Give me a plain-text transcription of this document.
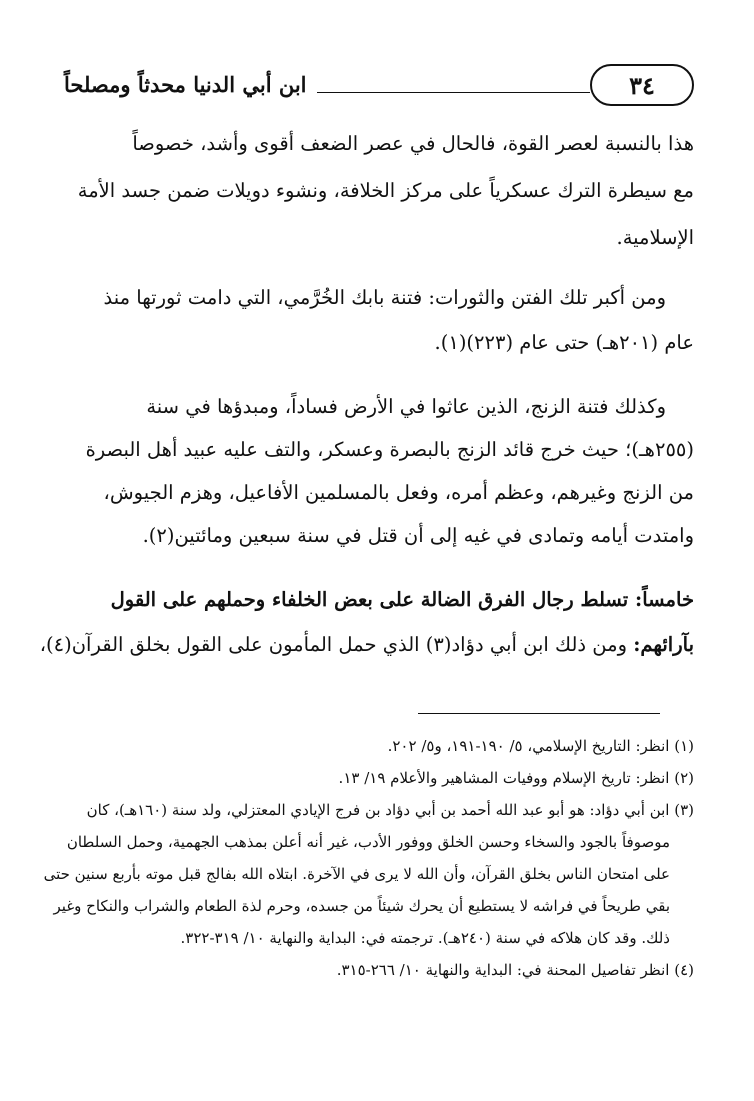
٣٤
ابن أبي الدنيا محدثاً ومصلحاً
هذا بالنسبة لعصر القوة، فالحال في عصر الضعف أقوى وأشد، خصوصاً
مع سيطرة الترك عسكرياً على مركز الخلافة، ونشوء دويلات ضمن جسد الأمة
الإسلامية.
ومن أكبر تلك الفتن والثورات: فتنة بابك الخُرَّمي، التي دامت ثورتها منذ
عام (٢٠١هـ) حتى عام (٢٢٣)(١).
وكذلك فتنة الزنج، الذين عاثوا في الأرض فساداً، ومبدؤها في سنة
(٢٥٥هـ)؛ حيث خرج قائد الزنج بالبصرة وعسكر، والتف عليه عبيد أهل البصرة
من الزنج وغيرهم، وعظم أمره، وفعل بالمسلمين الأفاعيل، وهزم الجيوش،
وامتدت أيامه وتمادى في غيه إلى أن قتل في سنة سبعين ومائتين(٢).
خامساً: تسلط رجال الفرق الضالة على بعض الخلفاء وحملهم على القول
بآرائهم: ومن ذلك ابن أبي دؤاد(٣) الذي حمل المأمون على القول بخلق القرآن(٤)،
(١) انظر: التاريخ الإسلامي، ٥/ ١٩٠-١٩١، و٥/ ٢٠٢.
(٢) انظر: تاريخ الإسلام ووفيات المشاهير والأعلام ١٩/ ١٣.
(٣) ابن أبي دؤاد: هو أبو عبد الله أحمد بن أبي دؤاد بن فرج الإيادي المعتزلي، ولد سنة (١٦٠هـ)، كان
موصوفاً بالجود والسخاء وحسن الخلق ووفور الأدب، غير أنه أعلن بمذهب الجهمية، وحمل السلطان
على امتحان الناس بخلق القرآن، وأن الله لا يرى في الآخرة. ابتلاه الله بفالج قبل موته بأربع سنين حتى
بقي طريحاً في فراشه لا يستطيع أن يحرك شيئاً من جسده، وحرم لذة الطعام والشراب والنكاح وغير
ذلك. وقد كان هلاكه في سنة (٢٤٠هـ). ترجمته في: البداية والنهاية ١٠/ ٣١٩-٣٢٢.
(٤) انظر تفاصيل المحنة في: البداية والنهاية ١٠/ ٢٦٦-٣١٥.
